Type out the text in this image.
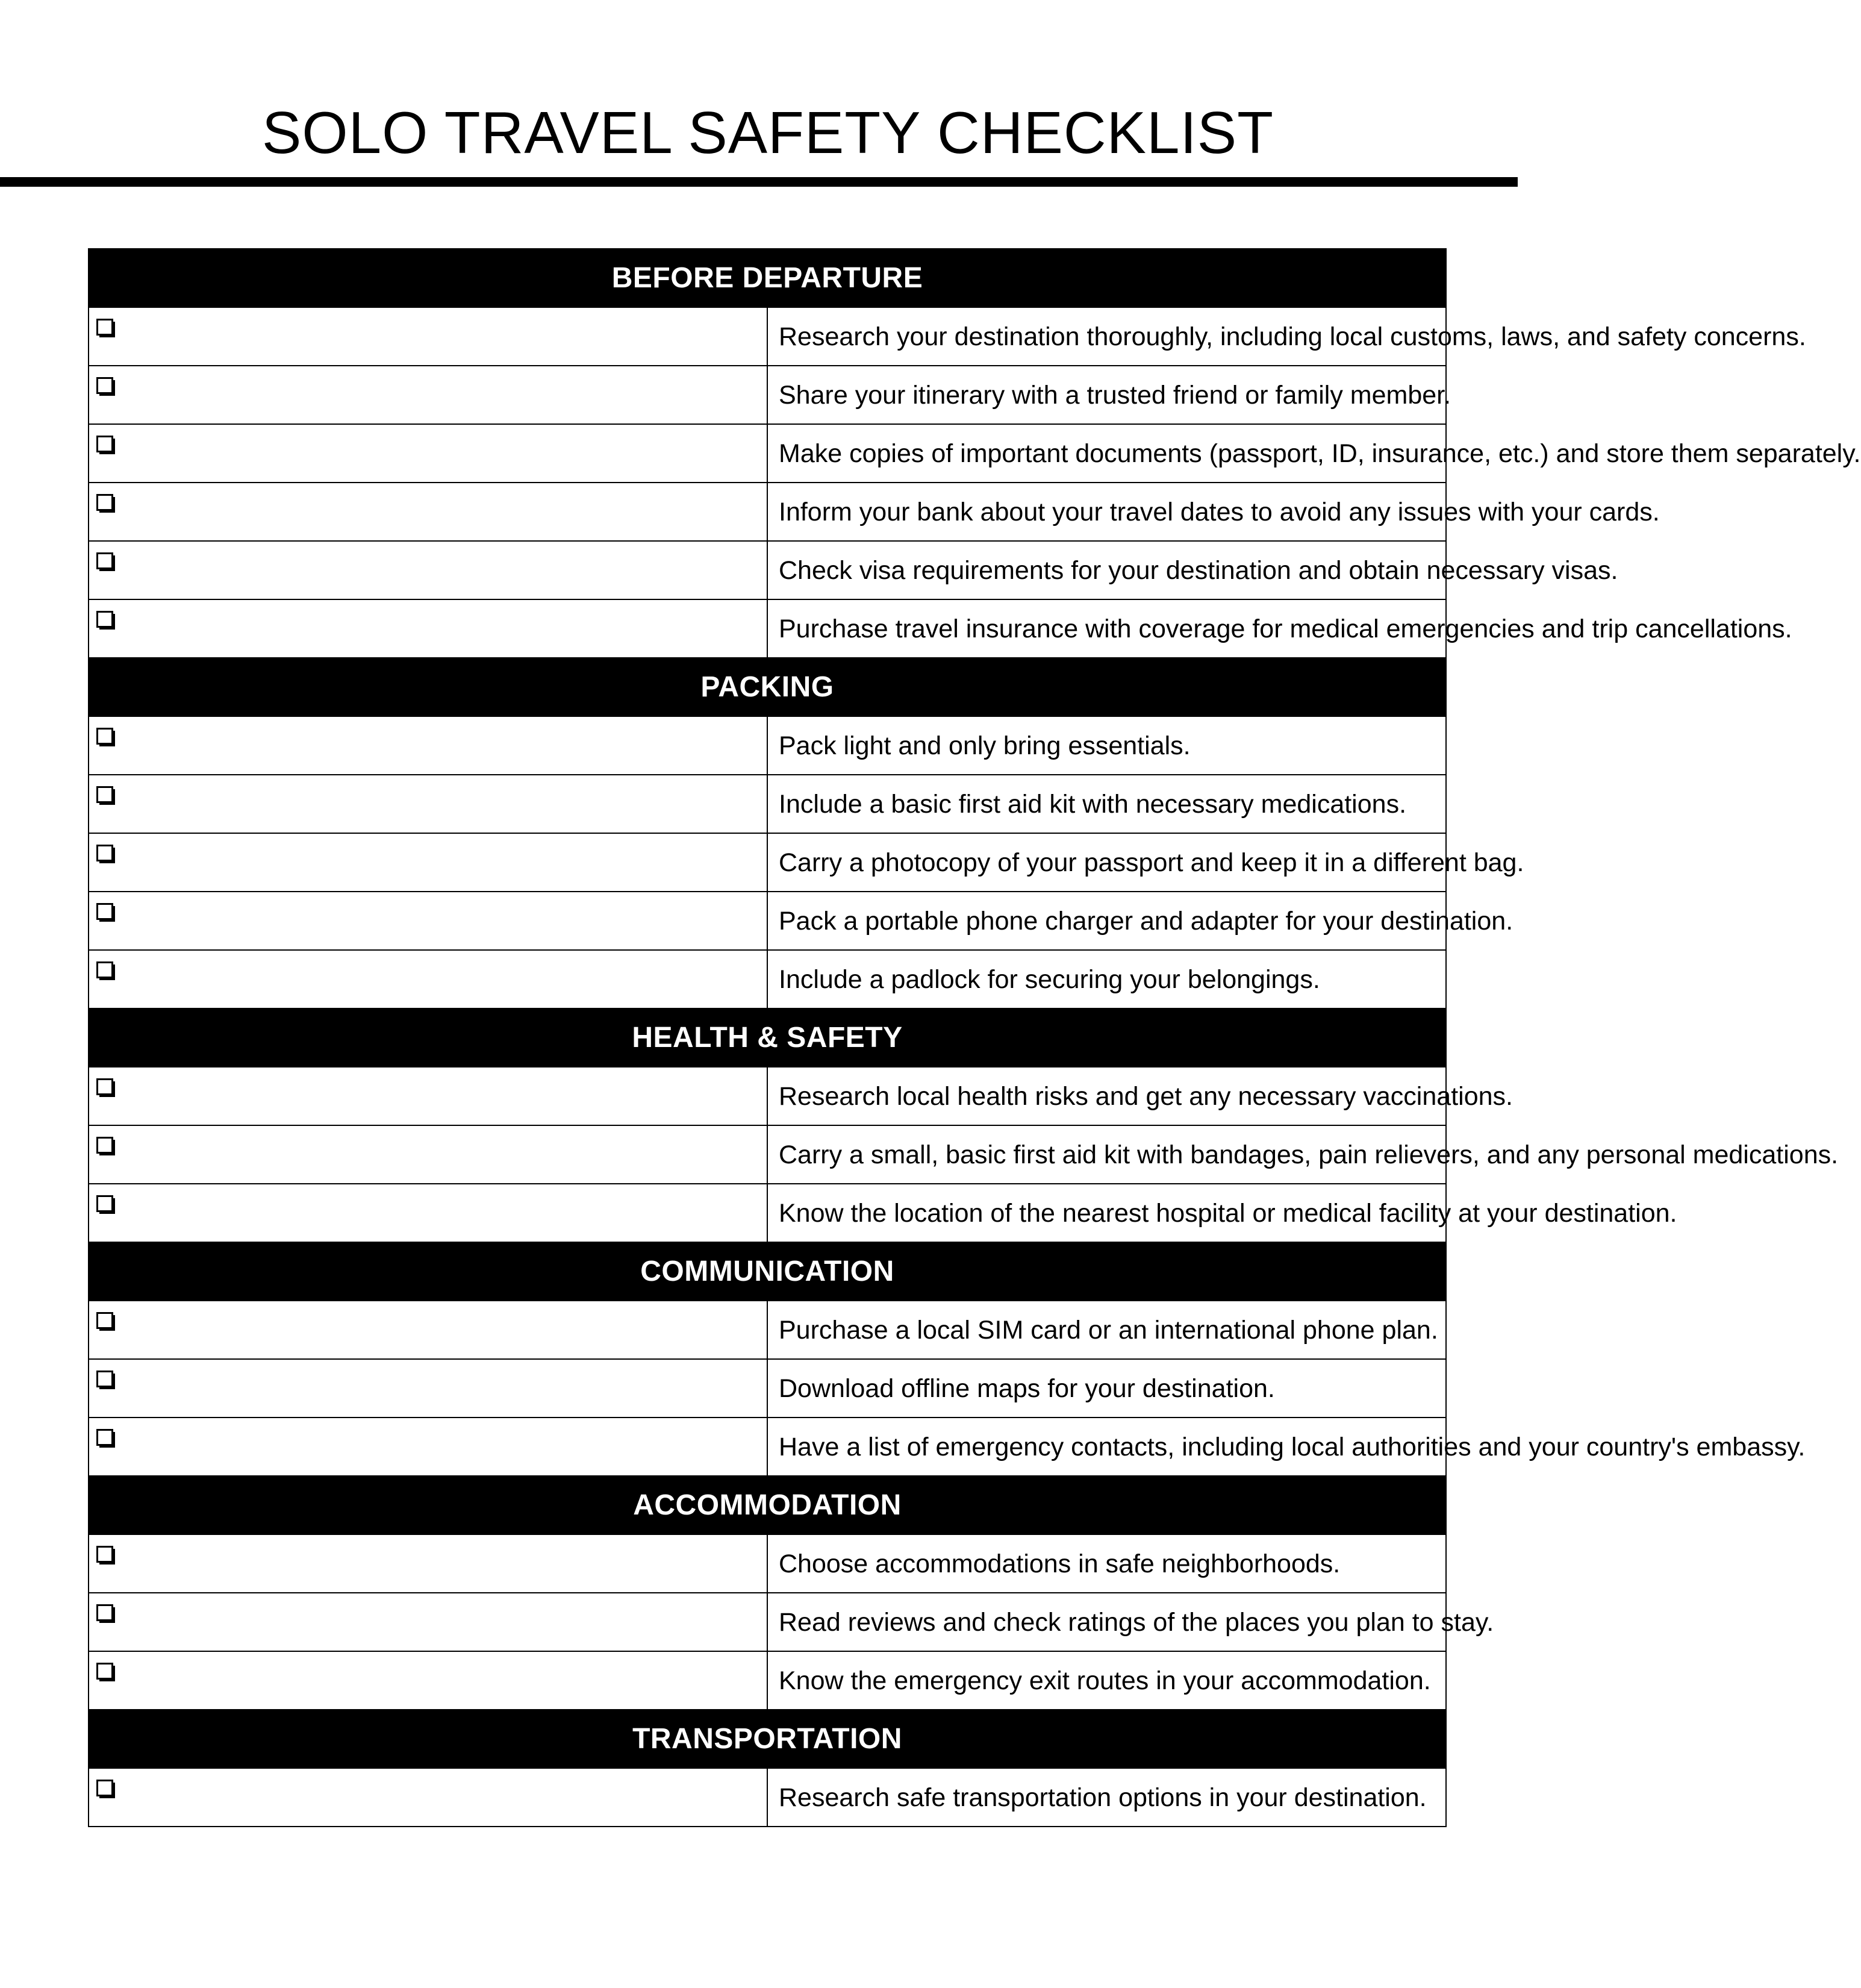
SOLO TRAVEL SAFETY CHECKLIST
BEFORE DEPARTURE	

	Research your destination thoroughly, including local customs, laws, and safety concerns.

	Share your itinerary with a trusted friend or family member.

	Make copies of important documents (passport, ID, insurance, etc.) and store them separately.

	Inform your bank about your travel dates to avoid any issues with your cards.

	Check visa requirements for your destination and obtain necessary visas.

	Purchase travel insurance with coverage for medical emergencies and trip cancellations.
PACKING	

	Pack light and only bring essentials.

	Include a basic first aid kit with necessary medications.

	Carry a photocopy of your passport and keep it in a different bag.

	Pack a portable phone charger and adapter for your destination.

	Include a padlock for securing your belongings.
HEALTH & SAFETY	

	Research local health risks and get any necessary vaccinations.

	Carry a small, basic first aid kit with bandages, pain relievers, and any personal medications.

	Know the location of the nearest hospital or medical facility at your destination.
COMMUNICATION	

	Purchase a local SIM card or an international phone plan.

	Download offline maps for your destination.

	Have a list of emergency contacts, including local authorities and your country's embassy.
ACCOMMODATION	

	Choose accommodations in safe neighborhoods.

	Read reviews and check ratings of the places you plan to stay.

	Know the emergency exit routes in your accommodation.
TRANSPORTATION	

	Research safe transportation options in your destination.
